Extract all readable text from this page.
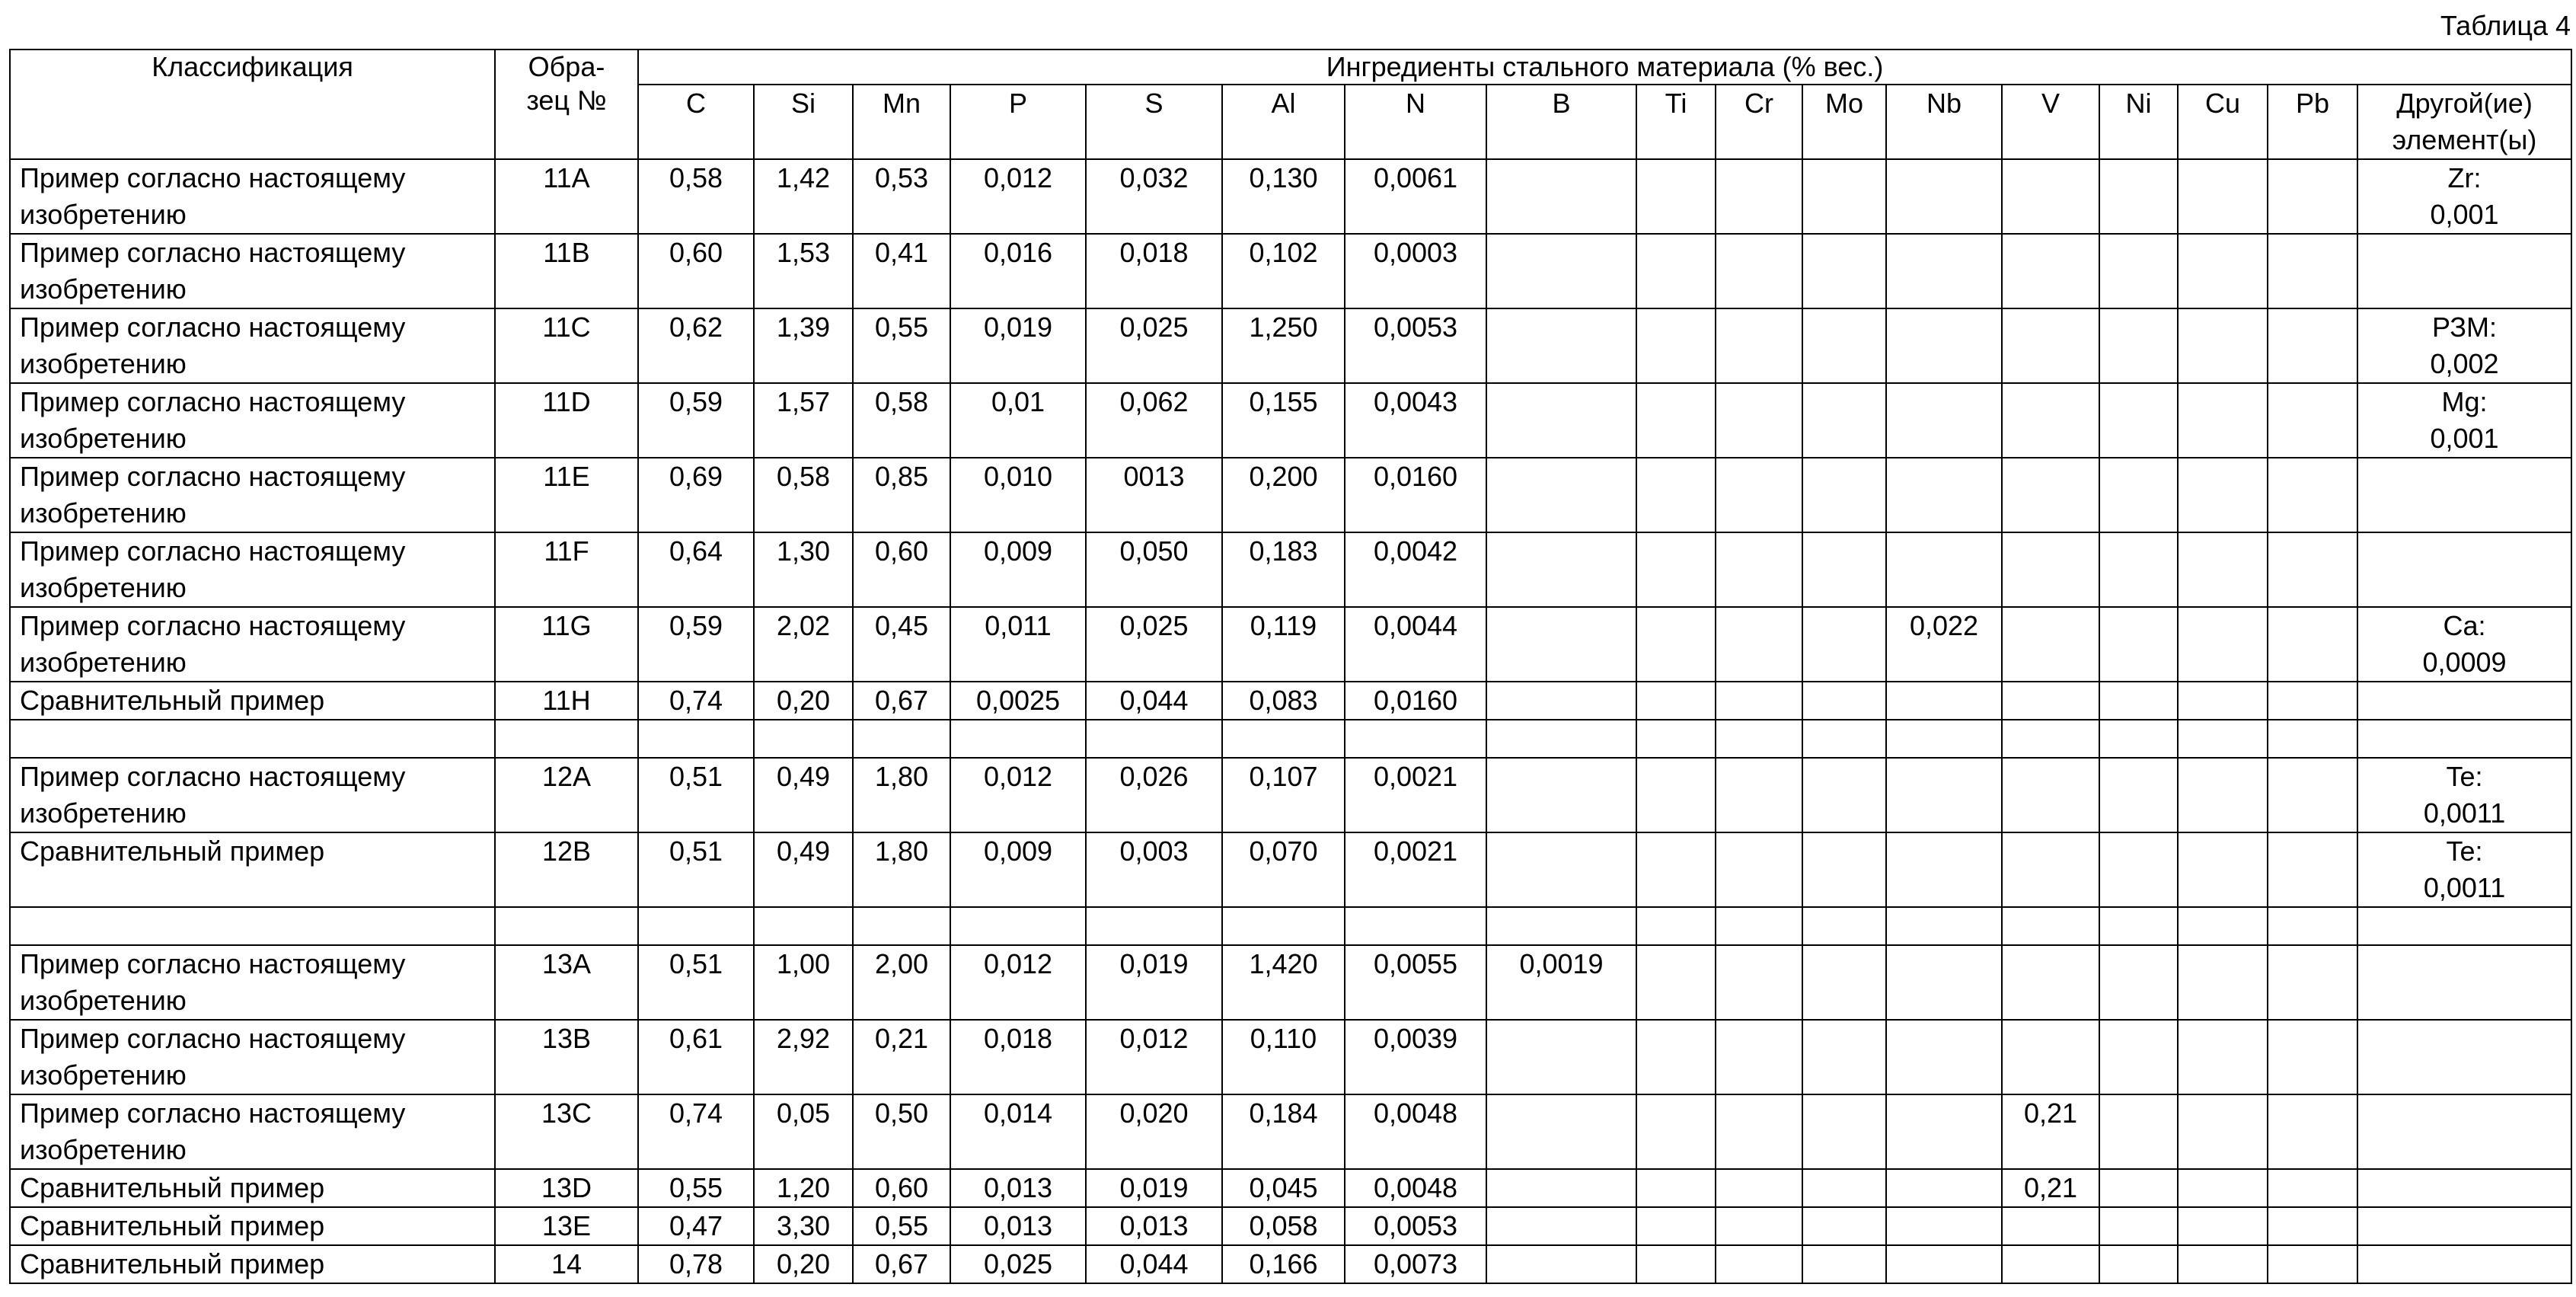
Таблица 4
Классификация	Обра-
зец №	Ингредиенты стального материала (% вес.)																
		C	Si	Mn	P	S	Al	N	B	Ti	Cr	Mo	Nb	V	Ni	Cu	Pb	Другой(ие)
элемент(ы)
Пример согласно настоящему изобретению	11A	0,58	1,42	0,53	0,012	0,032	0,130	0,0061										Zr:
0,001
Пример согласно настоящему изобретению	11B	0,60	1,53	0,41	0,016	0,018	0,102	0,0003										
Пример согласно настоящему изобретению	11C	0,62	1,39	0,55	0,019	0,025	1,250	0,0053										РЗМ:
0,002
Пример согласно настоящему изобретению	11D	0,59	1,57	0,58	0,01	0,062	0,155	0,0043										Mg:
0,001
Пример согласно настоящему изобретению	11E	0,69	0,58	0,85	0,010	0013	0,200	0,0160										
Пример согласно настоящему изобретению	11F	0,64	1,30	0,60	0,009	0,050	0,183	0,0042										
Пример согласно настоящему изобретению	11G	0,59	2,02	0,45	0,011	0,025	0,119	0,0044					0,022					Ca:
0,0009
Сравнительный пример	11H	0,74	0,20	0,67	0,0025	0,044	0,083	0,0160										

Пример согласно настоящему изобретению	12A	0,51	0,49	1,80	0,012	0,026	0,107	0,0021										Te:
0,0011
Сравнительный пример	12B	0,51	0,49	1,80	0,009	0,003	0,070	0,0021										Te:
0,0011

Пример согласно настоящему изобретению	13A	0,51	1,00	2,00	0,012	0,019	1,420	0,0055	0,0019									
Пример согласно настоящему изобретению	13B	0,61	2,92	0,21	0,018	0,012	0,110	0,0039										
Пример согласно настоящему изобретению	13C	0,74	0,05	0,50	0,014	0,020	0,184	0,0048						0,21				
Сравнительный пример	13D	0,55	1,20	0,60	0,013	0,019	0,045	0,0048						0,21				
Сравнительный пример	13E	0,47	3,30	0,55	0,013	0,013	0,058	0,0053										
Сравнительный пример	14	0,78	0,20	0,67	0,025	0,044	0,166	0,0073										
